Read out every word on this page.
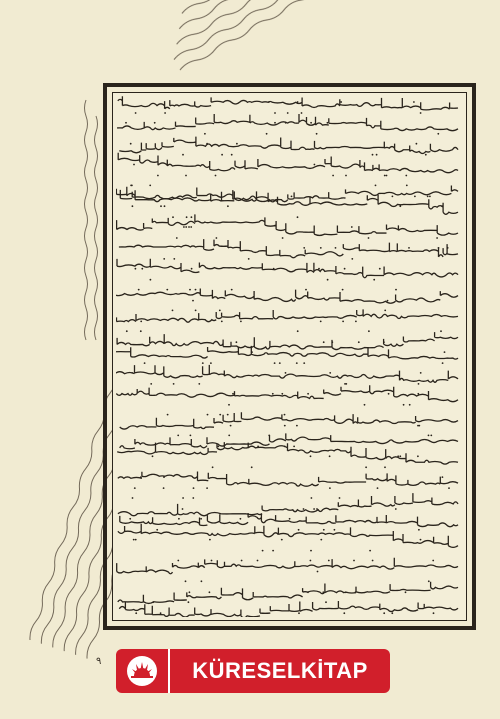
٩	KÜRESELKİTAP
